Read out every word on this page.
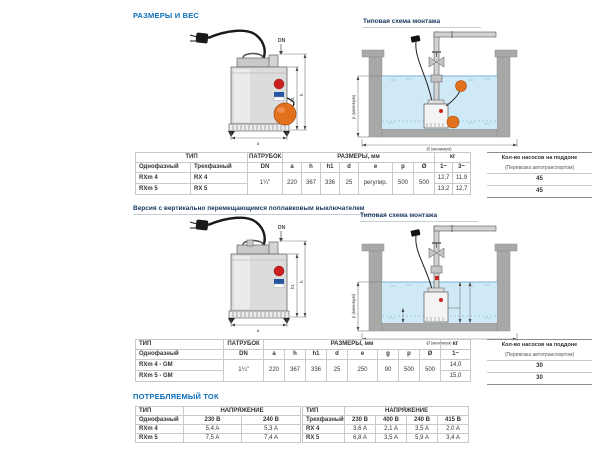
РАЗМЕРЫ И ВЕС
DN
h1
h
a
Типовая схема монтажа
p (минимум)
Ø (минимум)
ТИП		ПАТРУБОК	РАЗМЕРЫ, мм							кг	
Однофазный	Трехфазный	DN	a	h	h1	d	e	p	Ø	1~	3~
RXm 4	RX 4	1¼"	220	367	336	25	регулир.	500	500	12,7	11,9
RXm 5	RX 5									13,2	12,7
Кол-во насосов на поддоне
(Перевозка автотранспортом)
45
45
Версия с вертикально перемещающимся поплавковым выключателем
DN
h1
h
a
Типовая схема монтажа
p (минимум)
Ø (минимум)
ТИП	ПАТРУБОК	РАЗМЕРЫ, мм								кг
Однофазный	DN	a	h	h1	d	e	g	p	Ø	1~
RXm 4 - GM	1¼"	220	367	336	25	250	90	500	500	14,0
RXm 5 - GM										15,0
Кол-во насосов на поддоне
(Перевозка автотранспортом)
30
30
ПОТРЕБЛЯЕМЫЙ ТОК
ТИП	НАПРЯЖЕНИЕ	
Однофазный	230 В	240 В
RXm 4	5,4 A	5,3 A
RXm 5	7,5 A	7,4 A
ТИП	НАПРЯЖЕНИЕ			
Трехфазный	230 В	400 В	240 В	415 В
RX 4	3,6 A	2,1 A	3,5 A	2,0 A
RX 5	6,8 A	3,5 A	5,9 A	3,4 A
